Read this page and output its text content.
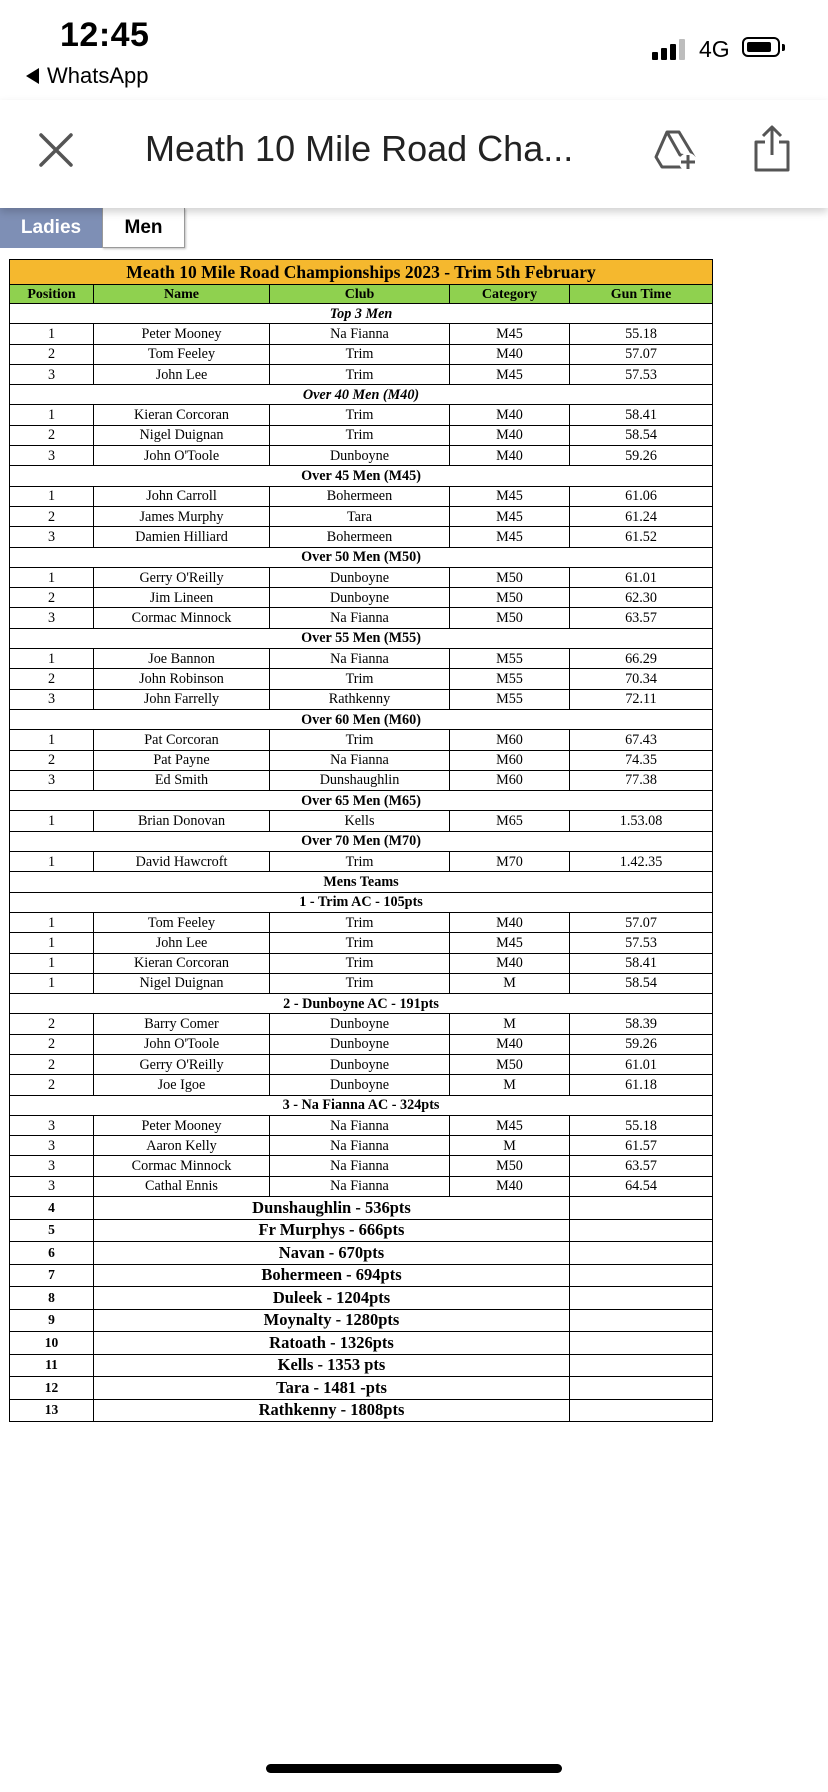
12:45
WhatsApp
4G
Meath 10 Mile Road Cha...
Ladies	Men
Meath 10 Mile Road Championships 2023 - Trim 5th February				
Position	Name	Club	Category	Gun Time
Top 3 Men				
1	Peter Mooney	Na Fianna	M45	55.18
2	Tom Feeley	Trim	M40	57.07
3	John Lee	Trim	M45	57.53
Over 40 Men (M40)				
1	Kieran Corcoran	Trim	M40	58.41
2	Nigel Duignan	Trim	M40	58.54
3	John O'Toole	Dunboyne	M40	59.26
Over 45 Men (M45)				
1	John Carroll	Bohermeen	M45	61.06
2	James Murphy	Tara	M45	61.24
3	Damien Hilliard	Bohermeen	M45	61.52
Over 50 Men (M50)				
1	Gerry O'Reilly	Dunboyne	M50	61.01
2	Jim Lineen	Dunboyne	M50	62.30
3	Cormac Minnock	Na Fianna	M50	63.57
Over 55 Men (M55)				
1	Joe Bannon	Na Fianna	M55	66.29
2	John Robinson	Trim	M55	70.34
3	John Farrelly	Rathkenny	M55	72.11
Over 60 Men (M60)				
1	Pat Corcoran	Trim	M60	67.43
2	Pat Payne	Na Fianna	M60	74.35
3	Ed Smith	Dunshaughlin	M60	77.38
Over 65 Men (M65)				
1	Brian Donovan	Kells	M65	1.53.08
Over 70 Men (M70)				
1	David Hawcroft	Trim	M70	1.42.35
Mens Teams				
1 - Trim AC - 105pts				
1	Tom Feeley	Trim	M40	57.07
1	John Lee	Trim	M45	57.53
1	Kieran Corcoran	Trim	M40	58.41
1	Nigel Duignan	Trim	M	58.54
2 - Dunboyne AC - 191pts				
2	Barry Comer	Dunboyne	M	58.39
2	John O'Toole	Dunboyne	M40	59.26
2	Gerry O'Reilly	Dunboyne	M50	61.01
2	Joe Igoe	Dunboyne	M	61.18
3 - Na Fianna AC - 324pts				
3	Peter Mooney	Na Fianna	M45	55.18
3	Aaron Kelly	Na Fianna	M	61.57
3	Cormac Minnock	Na Fianna	M50	63.57
3	Cathal Ennis	Na Fianna	M40	64.54
4	Dunshaughlin - 536pts			
5	Fr Murphys - 666pts			
6	Navan - 670pts			
7	Bohermeen - 694pts			
8	Duleek - 1204pts			
9	Moynalty - 1280pts			
10	Ratoath - 1326pts			
11	Kells - 1353 pts			
12	Tara - 1481 -pts			
13	Rathkenny - 1808pts			
